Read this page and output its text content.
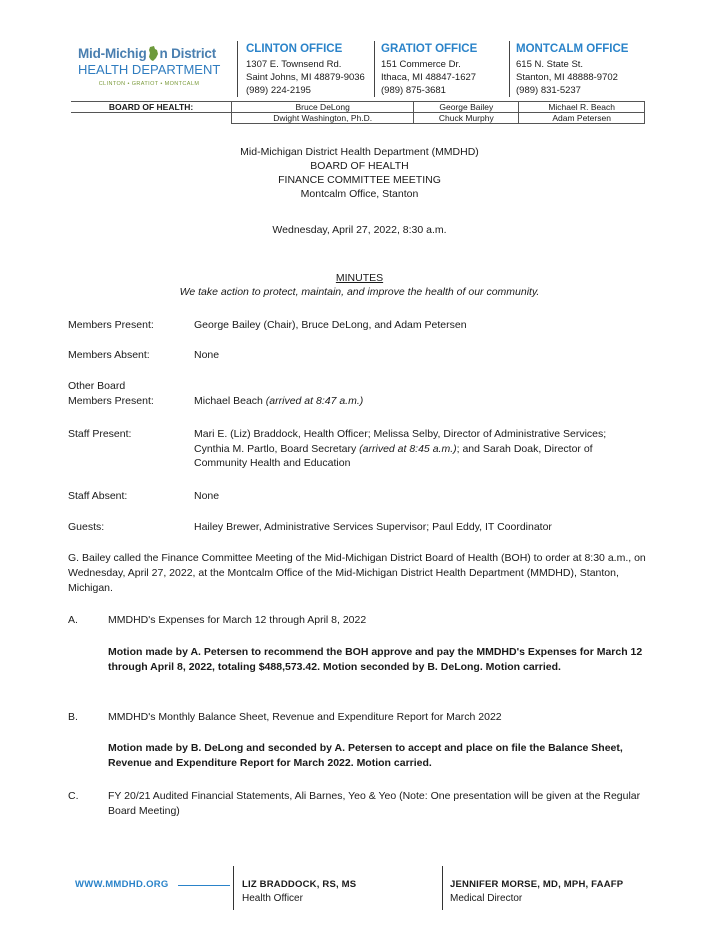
Mid-Michig n District
HEALTH DEPARTMENT
CLINTON • GRATIOT • MONTCALM
CLINTON OFFICE
1307 E. Townsend Rd.
Saint Johns, MI 48879-9036
(989) 224-2195
GRATIOT OFFICE
151 Commerce Dr.
Ithaca, MI 48847-1627
(989) 875-3681
MONTCALM OFFICE
615 N. State St.
Stanton, MI 48888-9702
(989) 831-5237
BOARD OF HEALTH:	Bruce DeLong	George Bailey	Michael R. Beach
	Dwight Washington, Ph.D.	Chuck Murphy	Adam Petersen
Mid-Michigan District Health Department (MMDHD)
BOARD OF HEALTH
FINANCE COMMITTEE MEETING
Montcalm Office, Stanton
Wednesday, April 27, 2022, 8:30 a.m.
MINUTES
We take action to protect, maintain, and improve the health of our community.
Members Present:	George Bailey (Chair), Bruce DeLong, and Adam Petersen
Members Absent:	None
Other Board
Members Present:	Michael Beach (arrived at 8:47 a.m.)
Staff Present:	Mari E. (Liz) Braddock, Health Officer; Melissa Selby, Director of Administrative Services; Cynthia M. Partlo, Board Secretary (arrived at 8:45 a.m.); and Sarah Doak, Director of Community Health and Education
Staff Absent:	None
Guests:	Hailey Brewer, Administrative Services Supervisor; Paul Eddy, IT Coordinator
G. Bailey called the Finance Committee Meeting of the Mid-Michigan District Board of Health (BOH) to order at 8:30 a.m., on Wednesday, April 27, 2022, at the Montcalm Office of the Mid-Michigan District Health Department (MMDHD), Stanton, Michigan.
A.	MMDHD's Expenses for March 12 through April 8, 2022
Motion made by A. Petersen to recommend the BOH approve and pay the MMDHD's Expenses for March 12 through April 8, 2022, totaling $488,573.42. Motion seconded by B. DeLong. Motion carried.
B.	MMDHD's Monthly Balance Sheet, Revenue and Expenditure Report for March 2022
Motion made by B. DeLong and seconded by A. Petersen to accept and place on file the Balance Sheet, Revenue and Expenditure Report for March 2022. Motion carried.
C.	FY 20/21 Audited Financial Statements, Ali Barnes, Yeo & Yeo (Note: One presentation will be given at the Regular Board Meeting)
WWW.MMDHD.ORG	LIZ BRADDOCK, RS, MS
Health Officer
JENNIFER MORSE, MD, MPH, FAAFP
Medical Director
